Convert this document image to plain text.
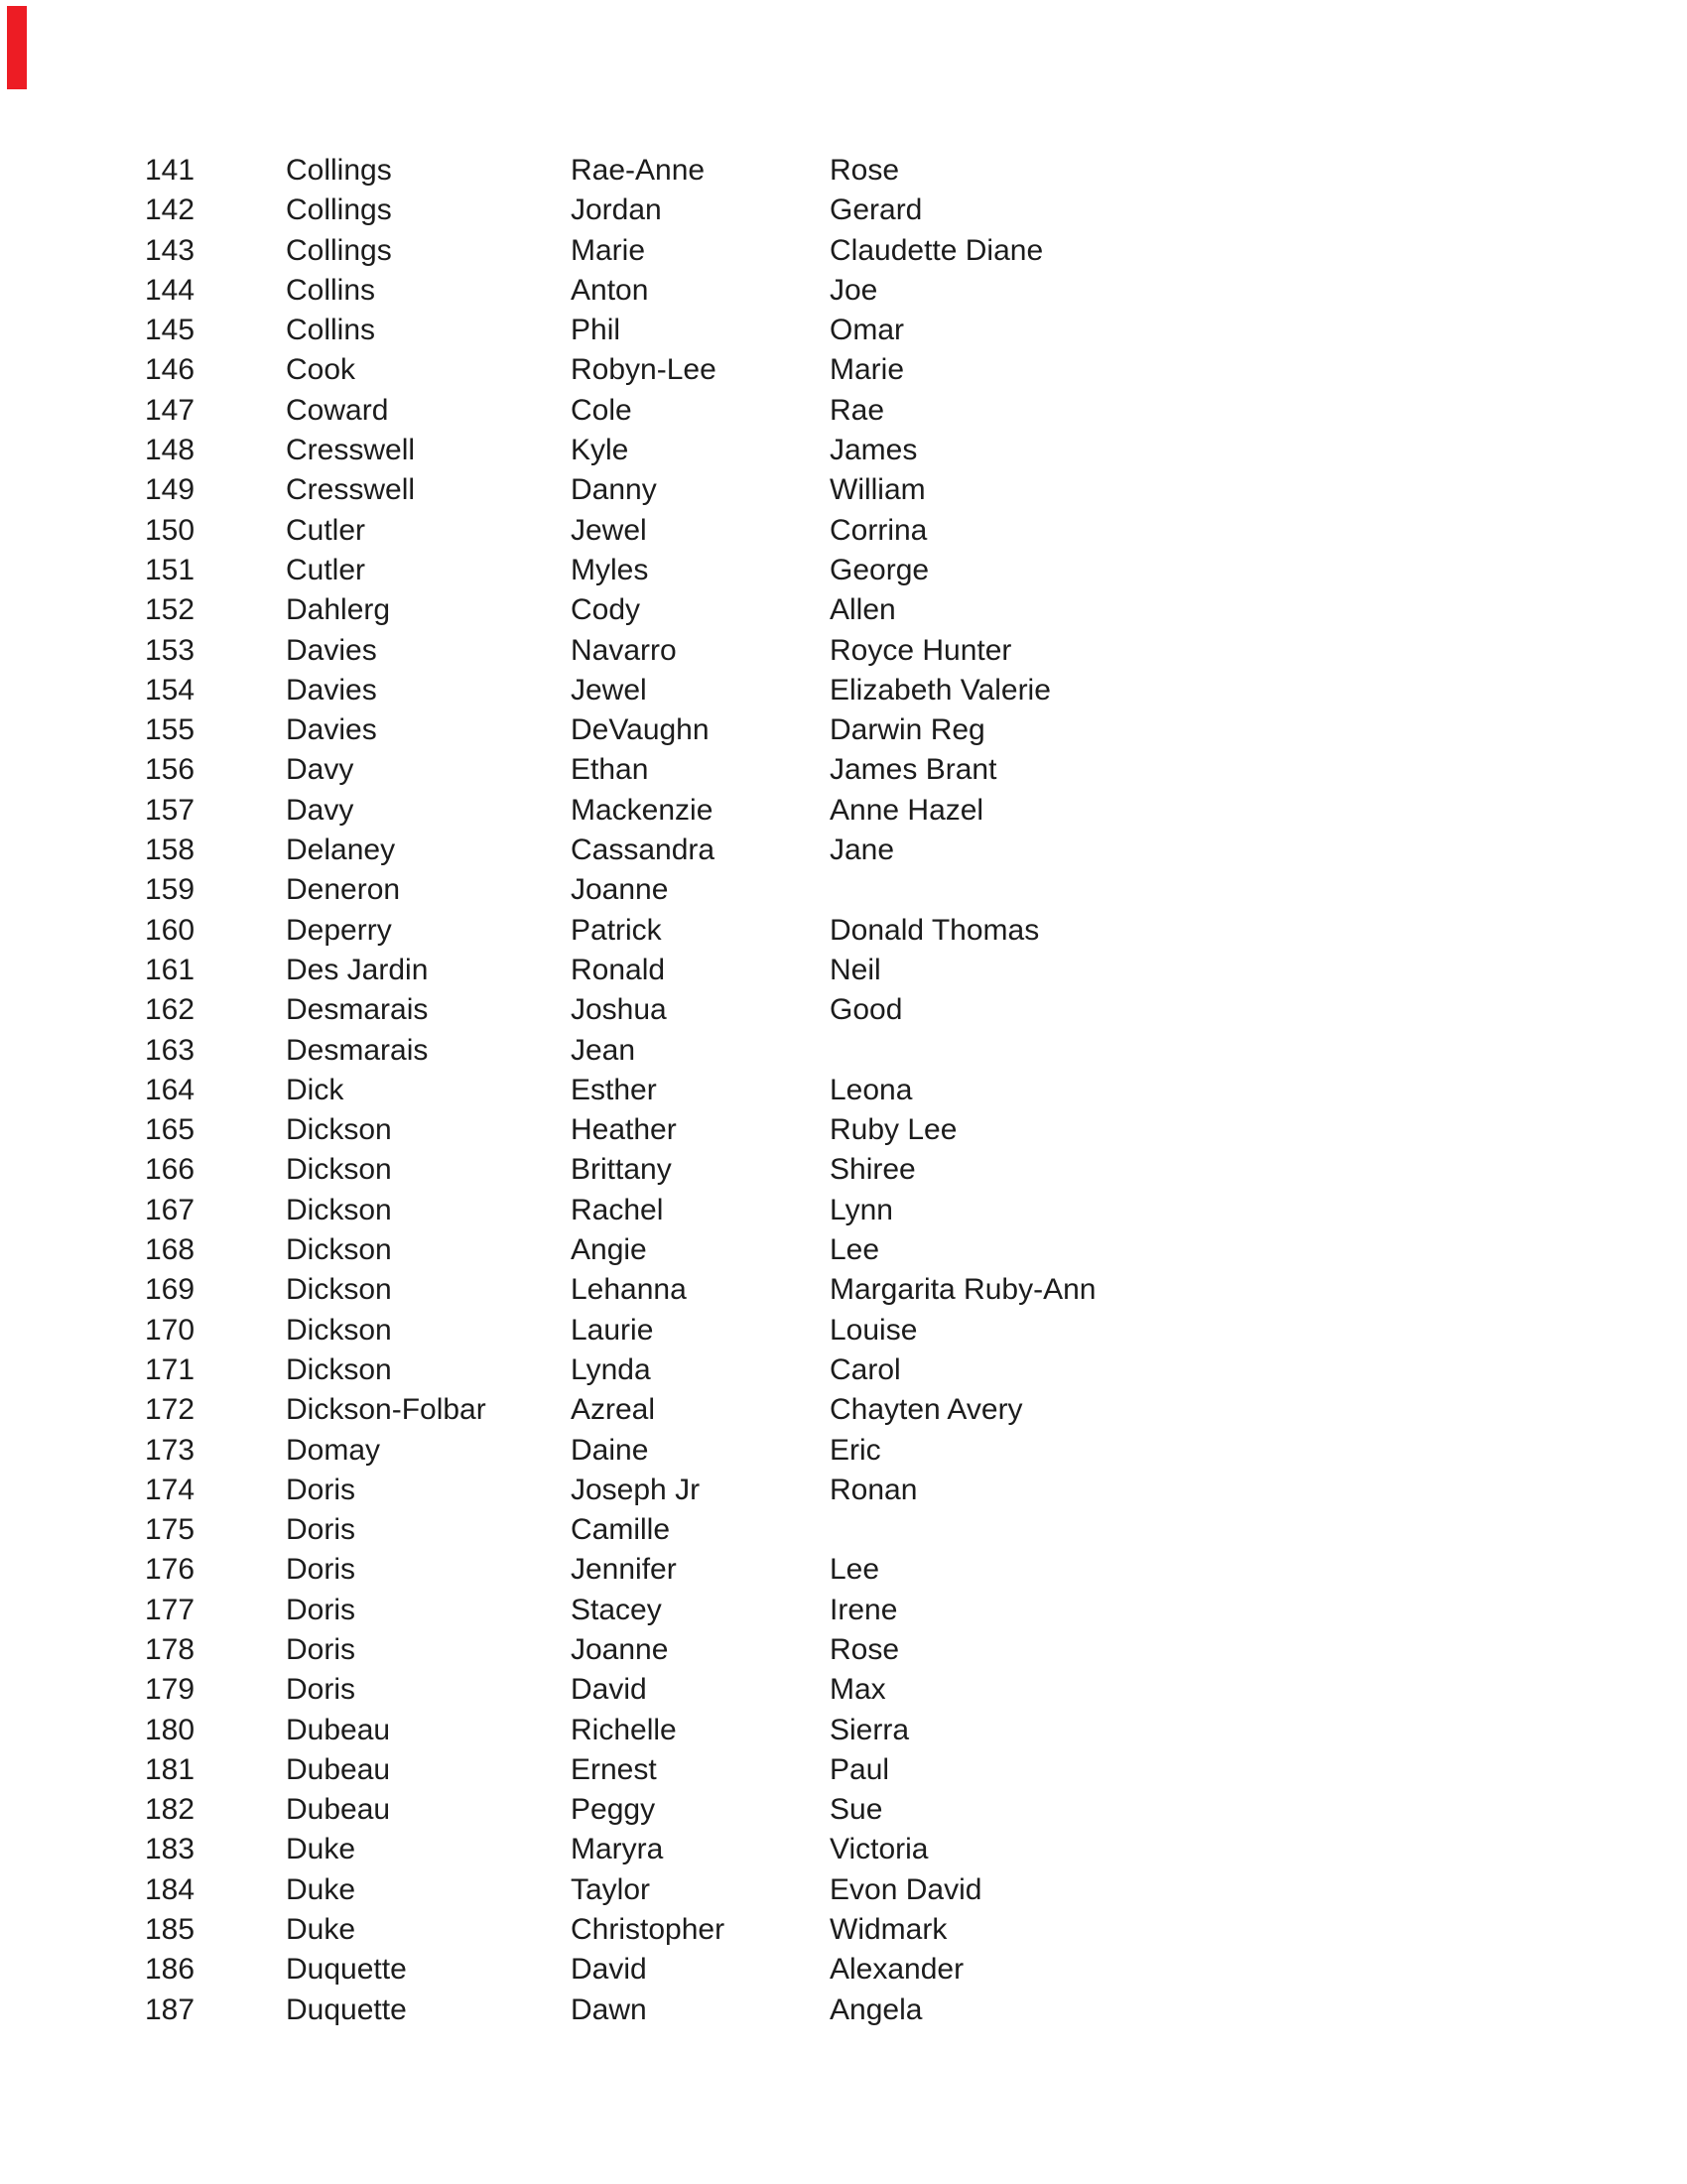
141	Collings	Rae-Anne	Rose
142	Collings	Jordan	Gerard
143	Collings	Marie	Claudette Diane
144	Collins	Anton	Joe
145	Collins	Phil	Omar
146	Cook	Robyn-Lee	Marie
147	Coward	Cole	Rae
148	Cresswell	Kyle	James
149	Cresswell	Danny	William
150	Cutler	Jewel	Corrina
151	Cutler	Myles	George
152	Dahlerg	Cody	Allen
153	Davies	Navarro	Royce Hunter
154	Davies	Jewel	Elizabeth Valerie
155	Davies	DeVaughn	Darwin Reg
156	Davy	Ethan	James Brant
157	Davy	Mackenzie	Anne Hazel
158	Delaney	Cassandra	Jane
159	Deneron	Joanne
160	Deperry	Patrick	Donald Thomas
161	Des Jardin	Ronald	Neil
162	Desmarais	Joshua	Good
163	Desmarais	Jean
164	Dick	Esther	Leona
165	Dickson	Heather	Ruby Lee
166	Dickson	Brittany	Shiree
167	Dickson	Rachel	Lynn
168	Dickson	Angie	Lee
169	Dickson	Lehanna	Margarita Ruby-Ann
170	Dickson	Laurie	Louise
171	Dickson	Lynda	Carol
172	Dickson-Folbar	Azreal	Chayten Avery
173	Domay	Daine	Eric
174	Doris	Joseph Jr	Ronan
175	Doris	Camille
176	Doris	Jennifer	Lee
177	Doris	Stacey	Irene
178	Doris	Joanne	Rose
179	Doris	David	Max
180	Dubeau	Richelle	Sierra
181	Dubeau	Ernest	Paul
182	Dubeau	Peggy	Sue
183	Duke	Maryra	Victoria
184	Duke	Taylor	Evon David
185	Duke	Christopher	Widmark
186	Duquette	David	Alexander
187	Duquette	Dawn	Angela
